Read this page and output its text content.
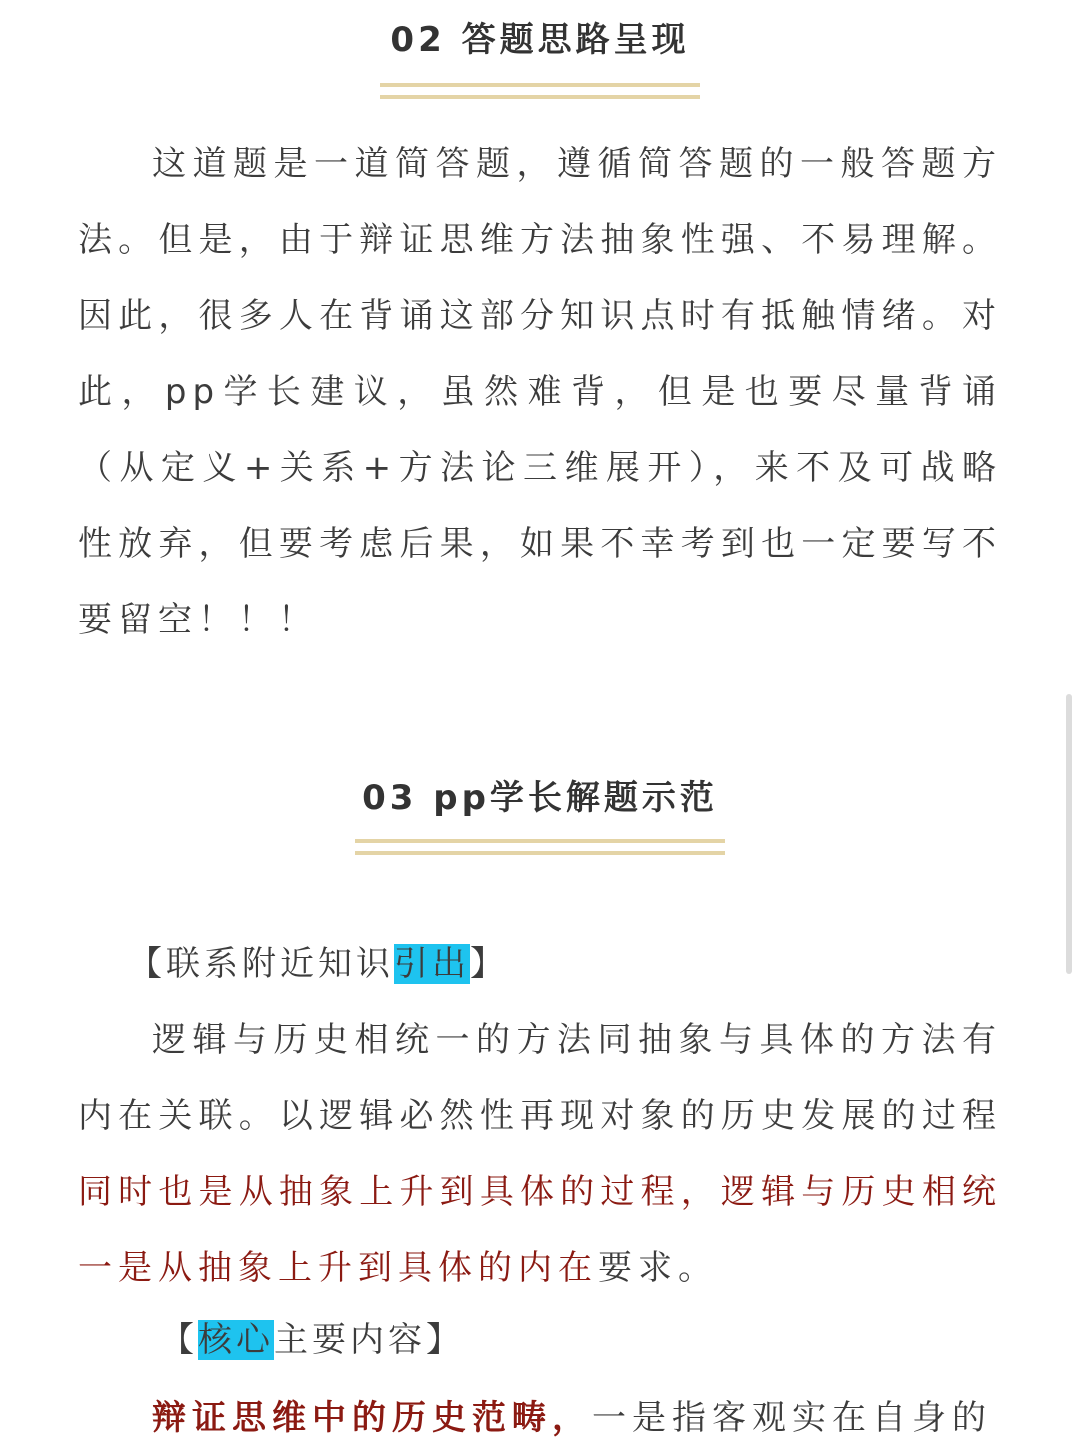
02 答题思路呈现
这道题是一道简答题，遵循简答题的一般答题方法。但是，由于辩证思维方法抽象性强、不易理解。因此，很多人在背诵这部分知识点时有抵触情绪。对此，pp学长建议，虽然难背，但是也要尽量背诵（从定义+关系+方法论三维展开），来不及可战略性放弃，但要考虑后果，如果不幸考到也一定要写不要留空！！！
03 pp学长解题示范
【联系附近知识引出】
逻辑与历史相统一的方法同抽象与具体的方法有内在关联。以逻辑必然性再现对象的历史发展的过程同时也是从抽象上升到具体的过程，逻辑与历史相统一是从抽象上升到具体的内在要求。
【核心主要内容】
辩证思维中的历史范畴，一是指客观实在自身的
